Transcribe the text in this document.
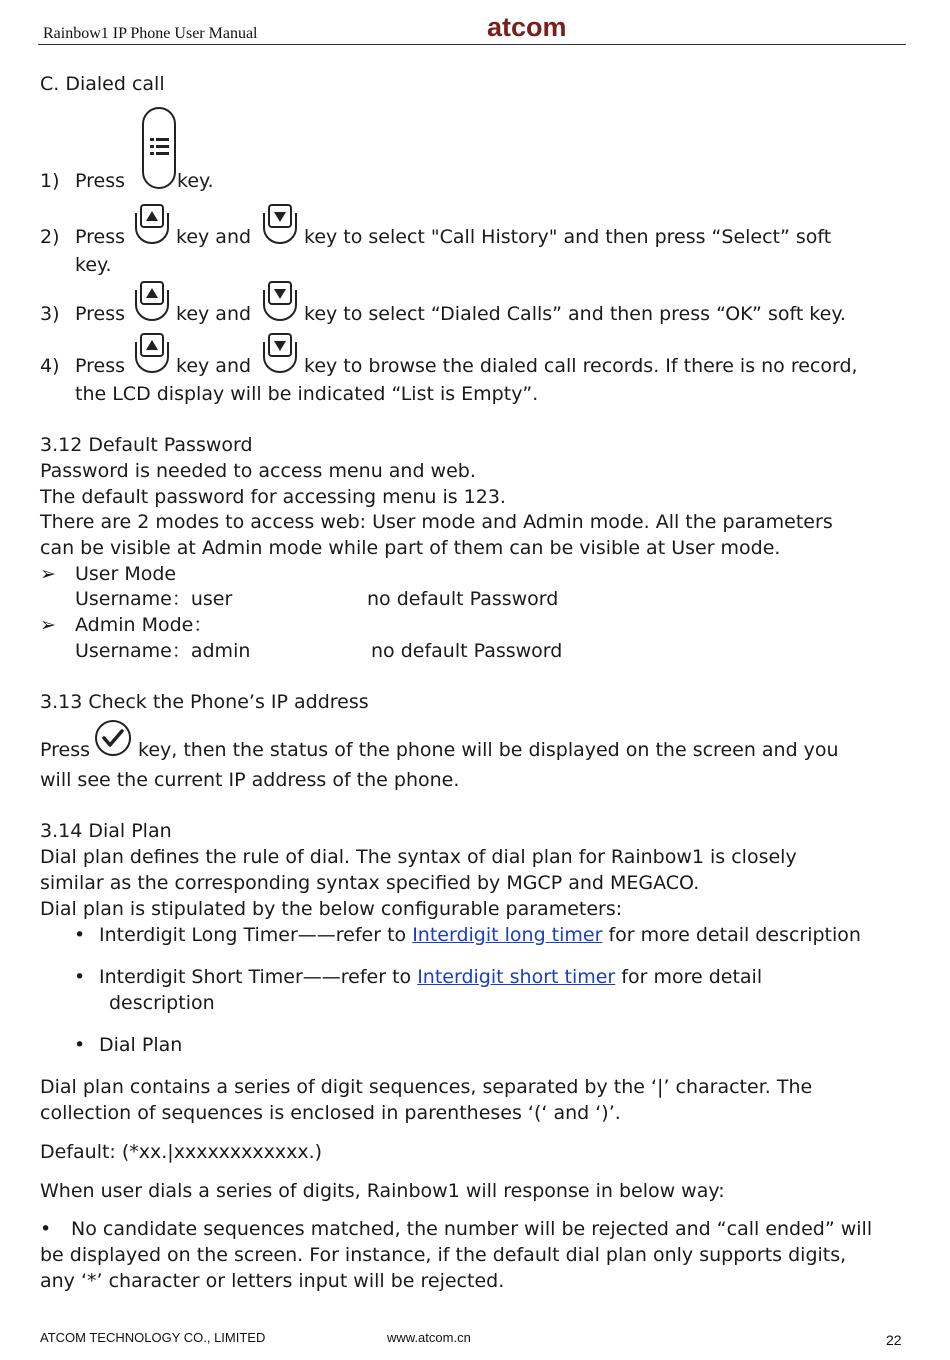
Rainbow1 IP Phone User Manual	atcom
C. Dialed call
1) Press	key.
2) Press	key and	key to select "Call History" and then press “Select” soft
key.
3) Press	key and	key to select “Dialed Calls” and then press “OK” soft key.
4) Press	key and	key to browse the dialed call records. If there is no record,
the LCD display will be indicated “List is Empty”.
3.12 Default Password
Password is needed to access menu and web.
The default password for accessing menu is 123.
There are 2 modes to access web: User mode and Admin mode. All the parameters
can be visible at Admin mode while part of them can be visible at User mode.
➢ User Mode
Username：user	no default Password
➢ Admin Mode：
Username：admin	no default Password
3.13 Check the Phone’s IP address
Press	key, then the status of the phone will be displayed on the screen and you
will see the current IP address of the phone.
3.14 Dial Plan
Dial plan defines the rule of dial. The syntax of dial plan for Rainbow1 is closely
similar as the corresponding syntax specified by MGCP and MEGACO.
Dial plan is stipulated by the below configurable parameters:
• Interdigit Long Timer——refer to Interdigit long timer for more detail description
• Interdigit Short Timer——refer to Interdigit short timer for more detail
description
• Dial Plan
Dial plan contains a series of digit sequences, separated by the ‘|’ character. The
collection of sequences is enclosed in parentheses ‘(‘ and ‘)’.
Default: (*xx.|xxxxxxxxxxxx.)
When user dials a series of digits, Rainbow1 will response in below way:
• No candidate sequences matched, the number will be rejected and “call ended” will
be displayed on the screen. For instance, if the default dial plan only supports digits,
any ‘*’ character or letters input will be rejected.
ATCOM TECHNOLOGY CO., LIMITED	www.atcom.cn	22
